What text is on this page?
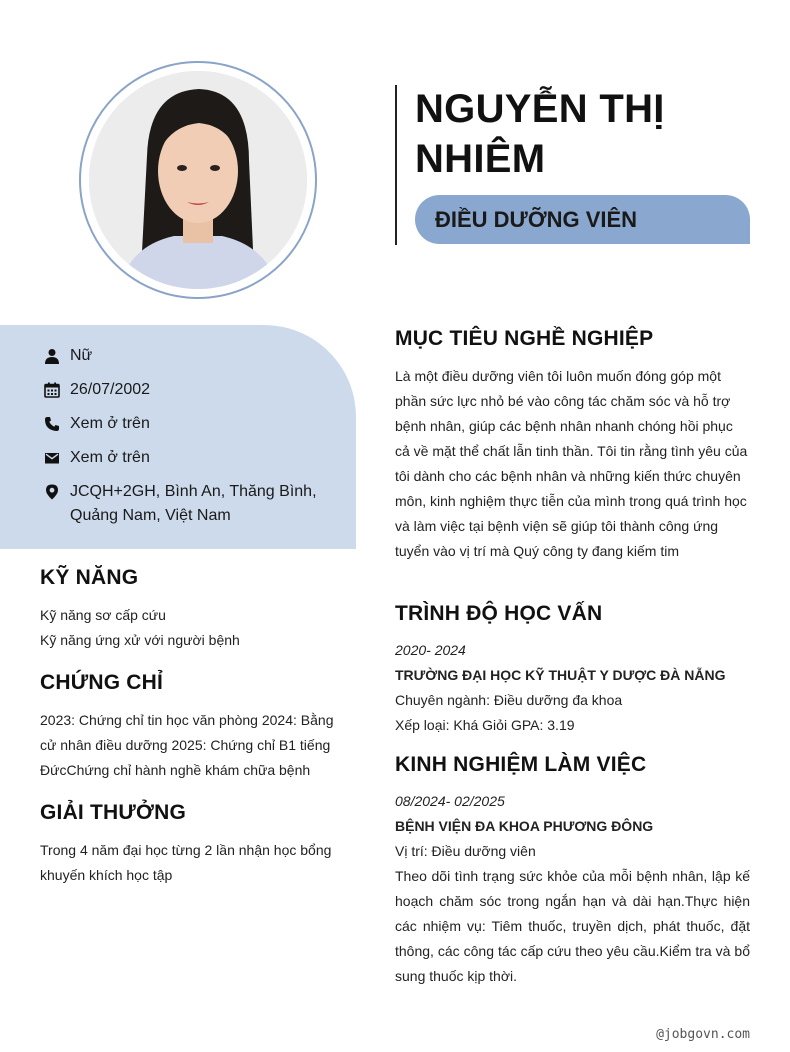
NGUYỄN THỊ
NHIÊM
ĐIỀU DƯỠNG VIÊN
Nữ
26/07/2002
Xem ở trên
Xem ở trên
JCQH+2GH, Bình An, Thăng Bình, Quảng Nam, Việt Nam
KỸ NĂNG
Kỹ năng sơ cấp cứu
Kỹ năng ứng xử với người bệnh
CHỨNG CHỈ
2023: Chứng chỉ tin học văn phòng 2024: Bằng cử nhân điều dưỡng 2025: Chứng chỉ B1 tiếng ĐứcChứng chỉ hành nghề khám chữa bệnh
GIẢI THƯỞNG
Trong 4 năm đại học từng 2 lần nhận học bổng khuyến khích học tập
MỤC TIÊU NGHỀ NGHIỆP
Là một điều dưỡng viên tôi luôn muốn đóng góp một phần sức lực nhỏ bé vào công tác chăm sóc và hỗ trợ bệnh nhân, giúp các bệnh nhân nhanh chóng hồi phục cả về mặt thể chất lẫn tinh thần. Tôi tin rằng tình yêu của tôi dành cho các bệnh nhân và những kiến thức chuyên môn, kinh nghiệm thực tiễn của mình trong quá trình học và làm việc tại bệnh viện sẽ giúp tôi thành công ứng tuyển vào vị trí mà Quý công ty đang kiếm tim
TRÌNH ĐỘ HỌC VẤN
2020- 2024
TRƯỜNG ĐẠI HỌC KỸ THUẬT Y DƯỢC ĐÀ NẴNG
Chuyên ngành: Điều dưỡng đa khoa
Xếp loại: Khá Giỏi GPA: 3.19
KINH NGHIỆM LÀM VIỆC
08/2024- 02/2025
BỆNH VIỆN ĐA KHOA PHƯƠNG ĐÔNG
Vị trí: Điều dưỡng viên
Theo dõi tình trạng sức khỏe của mỗi bệnh nhân, lập kế hoạch chăm sóc trong ngắn hạn và dài hạn.Thực hiện các nhiệm vụ: Tiêm thuốc, truyền dịch, phát thuốc, đặt thông, các công tác cấp cứu theo yêu cầu.Kiểm tra và bổ sung thuốc kịp thời.
@jobgovn.com
